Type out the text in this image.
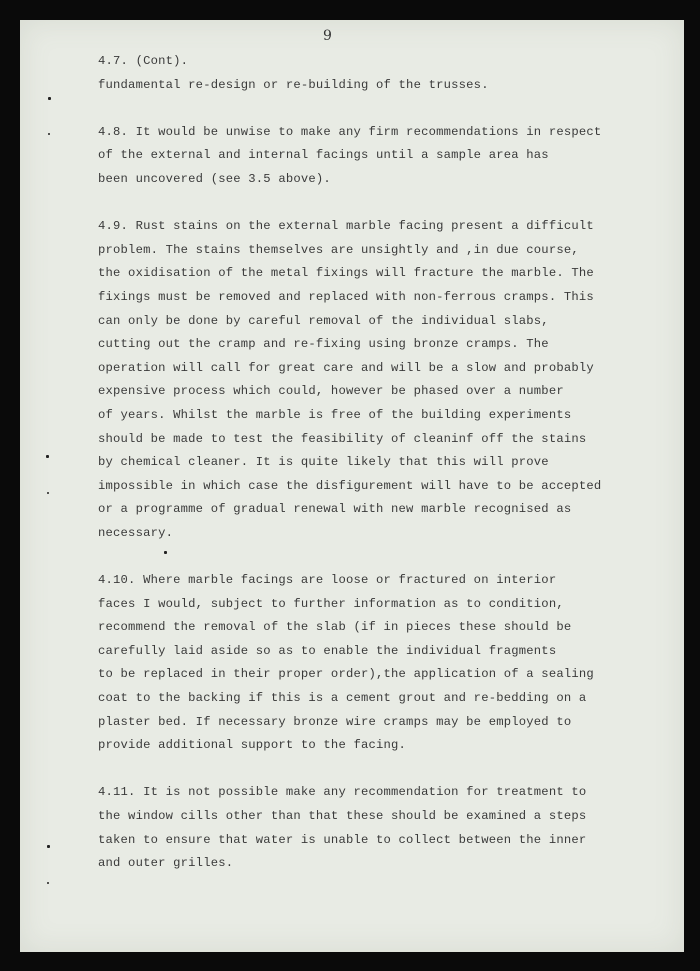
9
4.7. (Cont).
fundamental re-design or re-building of the trusses.
4.8. It would be unwise to make any firm recommendations in respect
of the external and internal facings until a sample area has
been uncovered (see 3.5 above).
4.9. Rust stains on the external marble facing present a difficult
problem. The stains themselves are unsightly and ,in due course,
the oxidisation of the metal fixings will fracture the marble. The
fixings must be removed and replaced with non-ferrous cramps. This
can only be done by careful removal of the individual slabs,
cutting out the cramp and re-fixing using bronze cramps. The
operation will call for great care and will be a slow and probably
expensive process which could, however be phased over a number
of years. Whilst the marble is free of the building experiments
should be made to test the feasibility of cleaninf off the stains
by chemical cleaner. It is quite likely that this will prove
impossible in which case the disfigurement will have to be accepted
or a programme of gradual renewal with new marble recognised as
necessary.
4.10. Where marble facings are loose or fractured on interior
faces I would, subject to further information as to condition,
recommend the removal of the slab (if in pieces these should be
carefully laid aside so as to enable the individual fragments
to be replaced in their proper order),the application of a sealing
coat to the backing if this is a cement grout and re-bedding on a
plaster bed. If necessary bronze wire cramps may be employed to
provide additional support to the facing.
4.11. It is not possible make any recommendation for treatment to
the window cills other than that these should be examined a steps
taken to ensure that water is unable to collect between the inner
and outer grilles.
